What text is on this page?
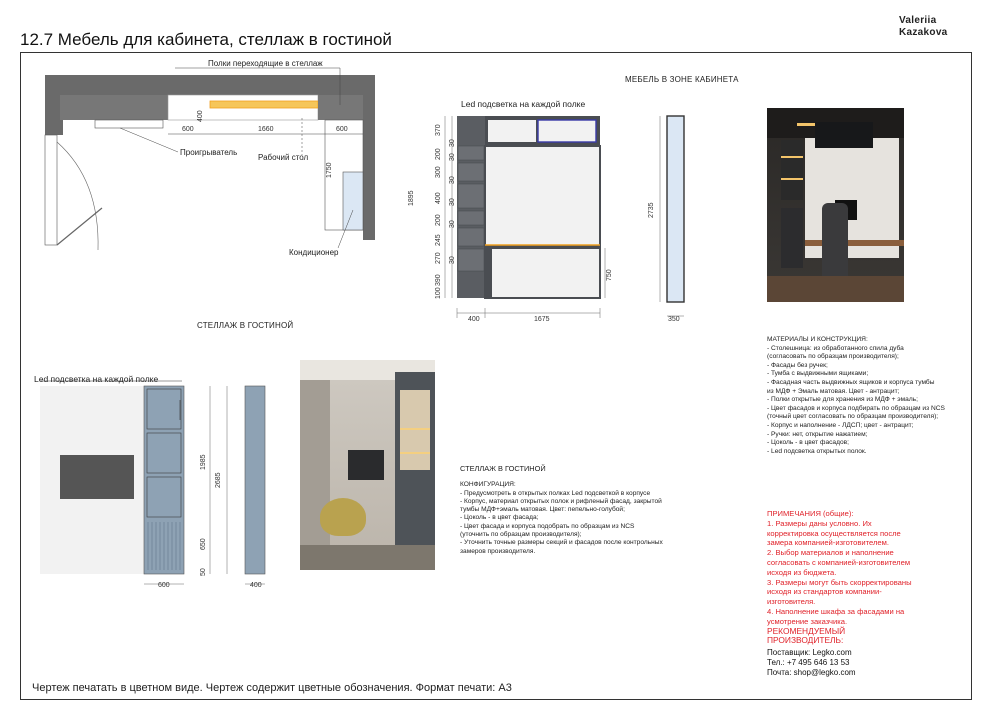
12.7 Мебель для кабинета, стеллаж в гостиной
Valeriia
Kazakova
Полки переходящие в стеллаж
Проигрыватель
Рабочий стол
Кондиционер
400
600	1660	600
1750
МЕБЕЛЬ В ЗОНЕ КАБИНЕТА
Led подсветка на каждой полке
370
30
200 30
300
30
400 30
200 30
245
270 30
390
100
1895
400	1675
750
2735
350
СТЕЛЛАЖ В ГОСТИНОЙ
Led подсветка на каждой полке
1985
650
50
2685
600	400
СТЕЛЛАЖ В ГОСТИНОЙ
КОНФИГУРАЦИЯ:
- Предусмотреть в открытых полках Led подсветкой в корпусе
- Корпус, материал открытых полок и рифленый фасад, закрытой
тумбы МДФ+эмаль матовая. Цвет: пепельно-голубой;
- Цоколь - в цвет фасада;
- Цвет фасада и корпуса подобрать по образцам из NCS
(уточнить по образцам производителя);
- Уточнить точные размеры секций и фасадов после контрольных
замеров производителя.
МАТЕРИАЛЫ И КОНСТРУКЦИЯ:
- Столешница: из обработанного спила дуба
(согласовать по образцам производителя);
- Фасады без ручек;
- Тумба с выдвижными ящиками;
- Фасадная часть выдвижных ящиков и корпуса тумбы
из МДФ + Эмаль матовая. Цвет - антрацит;
- Полки открытые для хранения из МДФ + эмаль;
- Цвет фасадов и корпуса подбирать по образцам из NCS
(точный цвет согласовать по образцам производителя);
- Корпус и наполнение - ЛДСП; цвет - антрацит;
- Ручки: нет, открытие нажатием;
- Цоколь - в цвет фасадов;
- Led подсветка открытых полок.
ПРИМЕЧАНИЯ (общие):
1. Размеры даны условно. Их
корректировка осуществляется после
замера компанией-изготовителем.
2. Выбор материалов и наполнение
согласовать с компанией-изготовителем
исходя из бюджета.
3. Размеры могут быть скорректированы
исходя из стандартов компании-
изготовителя.
4. Наполнение шкафа за фасадами на
усмотрение заказчика.
РЕКОМЕНДУЕМЫЙ
ПРОИЗВОДИТЕЛЬ:
Поставщик: Legko.com
Тел.: +7 495 646 13 53
Почта: shop@legko.com
Чертеж печатать в цветном виде. Чертеж содержит цветные обозначения. Формат печати: А3
